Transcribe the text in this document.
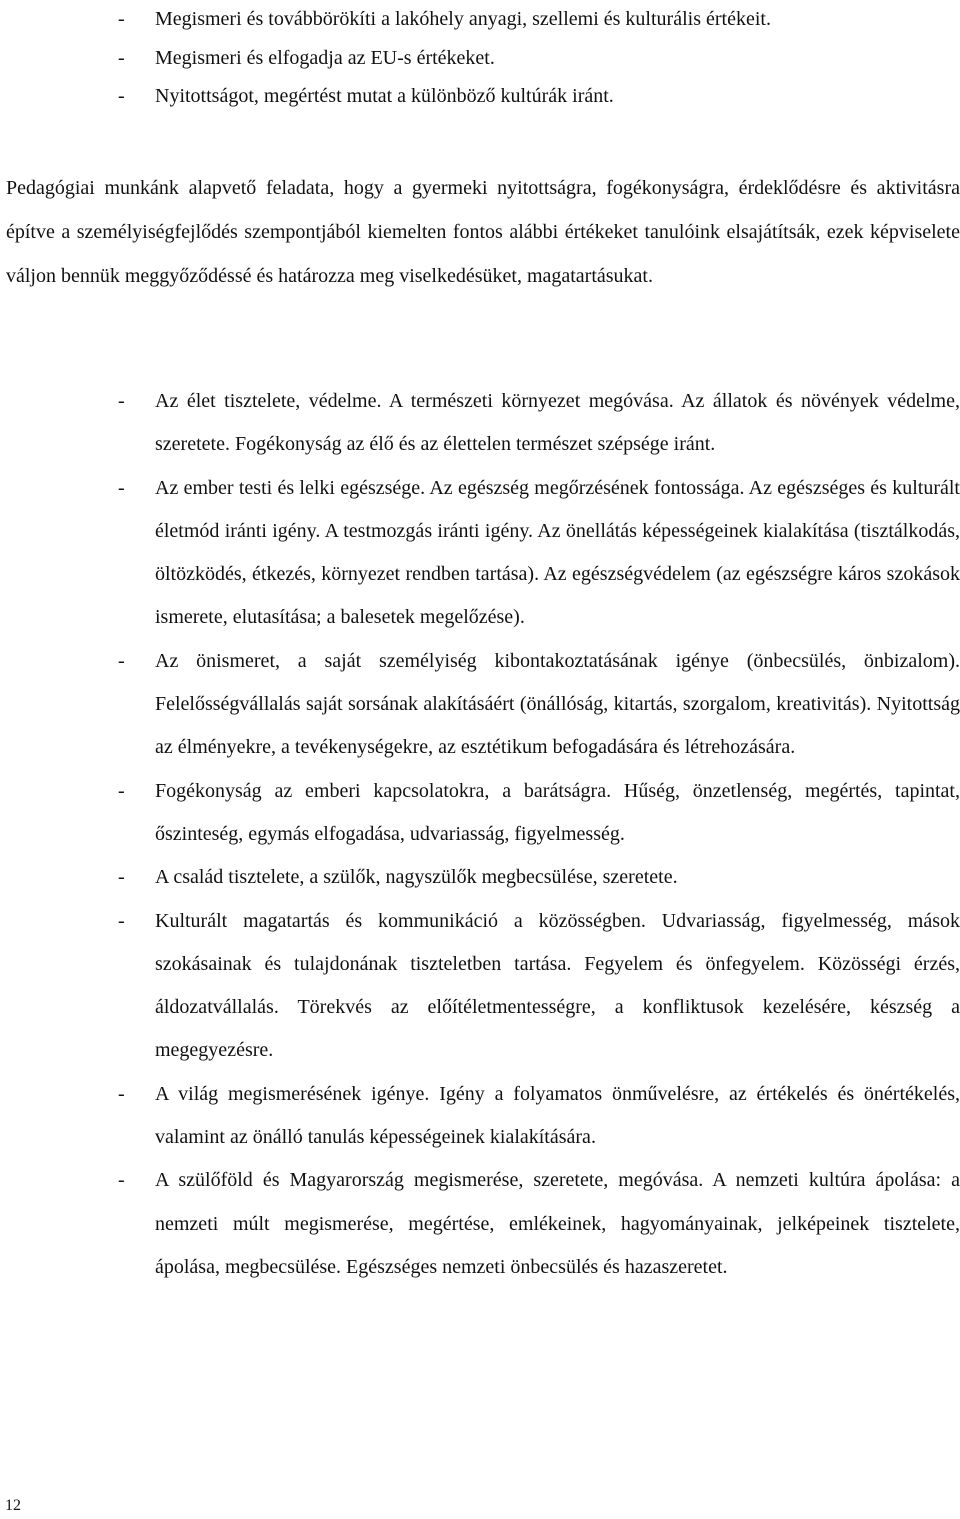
- Megismeri és továbbörökíti a lakóhely anyagi, szellemi és kulturális értékeit.
- Megismeri és elfogadja az EU-s értékeket.
- Nyitottságot, megértést mutat a különböző kultúrák iránt.

Pedagógiai munkánk alapvető feladata, hogy a gyermeki nyitottságra, fogékonyságra, érdeklődésre és aktivitásra építve a személyiségfejlődés szempontjából kiemelten fontos alábbi értékeket tanulóink elsajátítsák, ezek képviselete váljon bennük meggyőződéssé és határozza meg viselkedésüket, magatartásukat.

- Az élet tisztelete, védelme. A természeti környezet megóvása. Az állatok és növények védelme, szeretete. Fogékonyság az élő és az élettelen természet szépsége iránt.
- Az ember testi és lelki egészsége. Az egészség megőrzésének fontossága. Az egészséges és kulturált életmód iránti igény. A testmozgás iránti igény. Az önellátás képességeinek kialakítása (tisztálkodás, öltözködés, étkezés, környezet rendben tartása). Az egészségvédelem (az egészségre káros szokások ismerete, elutasítása; a balesetek megelőzése).
- Az önismeret, a saját személyiség kibontakoztatásának igénye (önbecsülés, önbizalom). Felelősségvállalás saját sorsának alakításáért (önállóság, kitartás, szorgalom, kreativitás). Nyitottság az élményekre, a tevékenységekre, az esztétikum befogadására és létrehozására.
- Fogékonyság az emberi kapcsolatokra, a barátságra. Hűség, önzetlenség, megértés, tapintat, őszinteség, egymás elfogadása, udvariasság, figyelmesség.
- A család tisztelete, a szülők, nagyszülők megbecsülése, szeretete.
- Kulturált magatartás és kommunikáció a közösségben. Udvariasság, figyelmesség, mások szokásainak és tulajdonának tiszteletben tartása. Fegyelem és önfegyelem. Közösségi érzés, áldozatvállalás. Törekvés az előítéletmentességre, a konfliktusok kezelésére, készség a megegyezésre.
- A világ megismerésének igénye. Igény a folyamatos önművelésre, az értékelés és önértékelés, valamint az önálló tanulás képességeinek kialakítására.
- A szülőföld és Magyarország megismerése, szeretete, megóvása. A nemzeti kultúra ápolása: a nemzeti múlt megismerése, megértése, emlékeinek, hagyományainak, jelképeinek tisztelete, ápolása, megbecsülése. Egészséges nemzeti önbecsülés és hazaszeretet.
12
